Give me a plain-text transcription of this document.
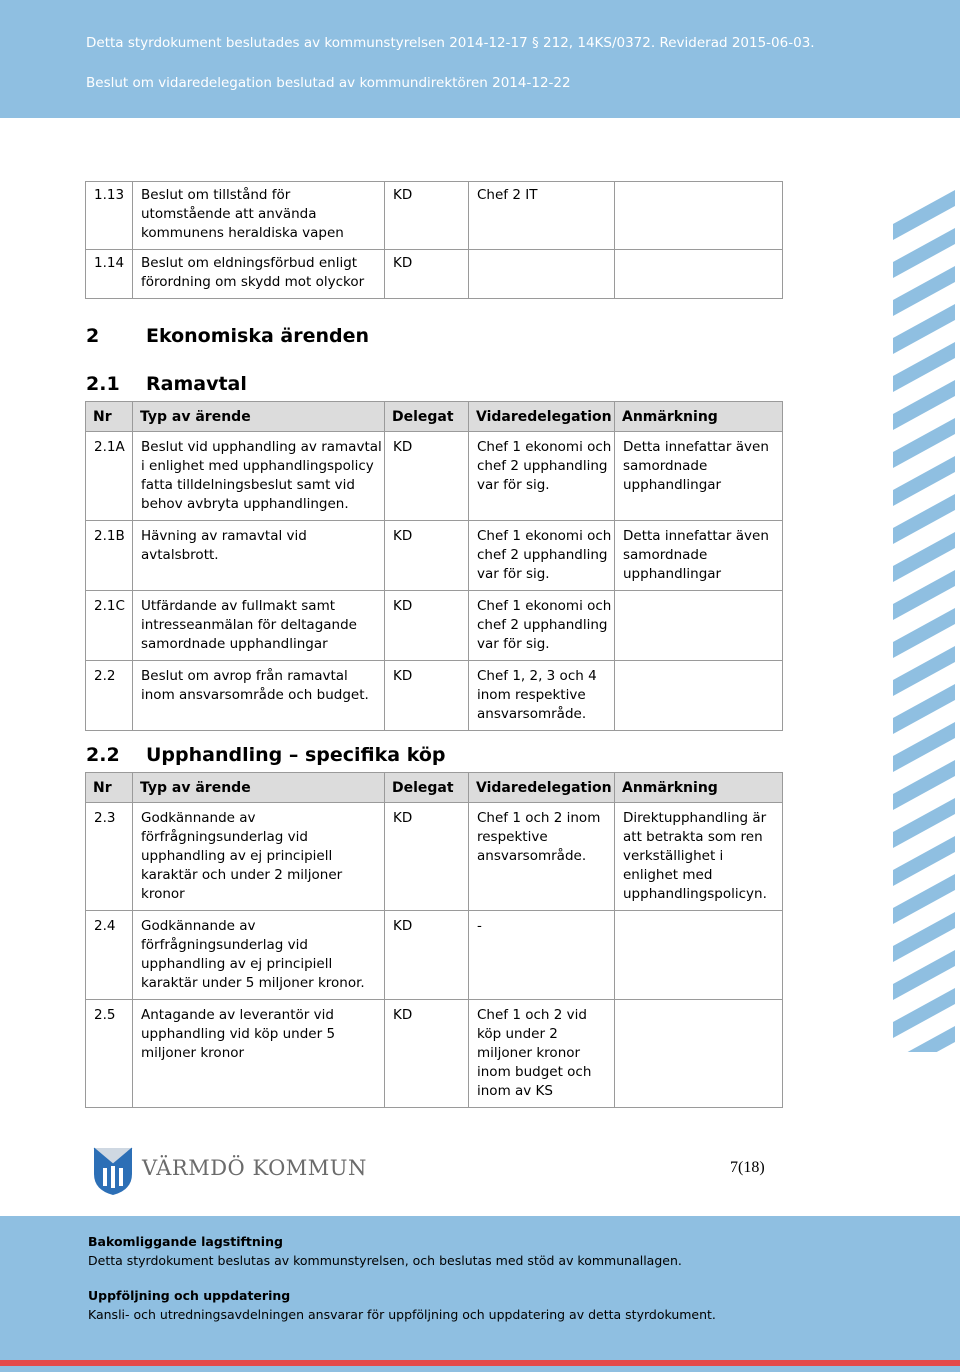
Detta styrdokument beslutades av kommunstyrelsen 2014-12-17 § 212, 14KS/0372. Reviderad 2015-06-03.
Beslut om vidaredelegation beslutad av kommundirektören 2014-12-22
1.13	Beslut om tillstånd för utomstående att använda kommunens heraldiska vapen	KD	Chef 2 IT	
1.14	Beslut om eldningsförbud enligt förordning om skydd mot olyckor	KD		
2 Ekonomiska ärenden
2.1 Ramavtal
Nr	Typ av ärende	Delegat	Vidaredelegation	Anmärkning
2.1A	Beslut vid upphandling av ramavtal i enlighet med upphandlingspolicy fatta tilldelningsbeslut samt vid behov avbryta upphandlingen.	KD	Chef 1 ekonomi och chef 2 upphandling var för sig.	Detta innefattar även samordnade upphandlingar
2.1B	Hävning av ramavtal vid avtalsbrott.	KD	Chef 1 ekonomi och chef 2 upphandling var för sig.	Detta innefattar även samordnade upphandlingar
2.1C	Utfärdande av fullmakt samt intresseanmälan för deltagande samordnade upphandlingar	KD	Chef 1 ekonomi och chef 2 upphandling var för sig.	
2.2	Beslut om avrop från ramavtal inom ansvarsområde och budget.	KD	Chef 1, 2, 3 och 4 inom respektive ansvarsområde.	
2.2 Upphandling – specifika köp
Nr	Typ av ärende	Delegat	Vidaredelegation	Anmärkning
2.3	Godkännande av förfrågningsunderlag vid upphandling av ej principiell karaktär och under 2 miljoner kronor	KD	Chef 1 och 2 inom respektive ansvarsområde.	Direktupphandling är att betrakta som ren verkställighet i enlighet med upphandlingspolicyn.
2.4	Godkännande av förfrågningsunderlag vid upphandling av ej principiell karaktär under 5 miljoner kronor.	KD	-	
2.5	Antagande av leverantör vid upphandling vid köp under 5 miljoner kronor	KD	Chef 1 och 2 vid köp under 2 miljoner kronor inom budget och inom av KS	
VÄRMDÖ KOMMUN	7(18)
Bakomliggande lagstiftning
Detta styrdokument beslutas av kommunstyrelsen, och beslutas med stöd av kommunallagen.
Uppföljning och uppdatering
Kansli- och utredningsavdelningen ansvarar för uppföljning och uppdatering av detta styrdokument.
